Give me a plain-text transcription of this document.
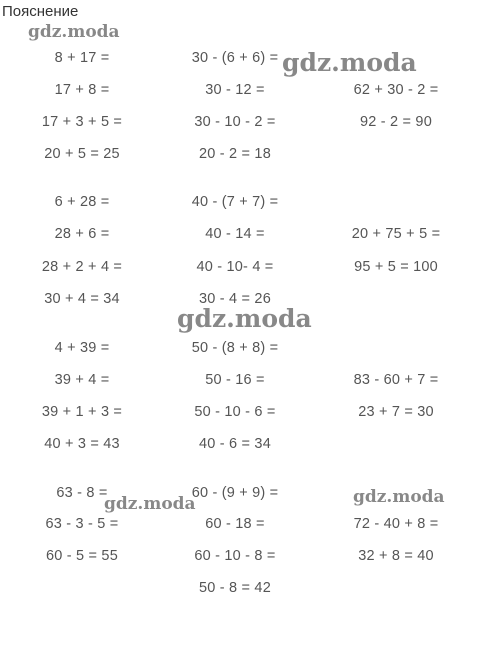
Пояснение
8 + 17 =
17 + 8 =
17 + 3 + 5 =
20 + 5 = 25
6 + 28 =
28 + 6 =
28 + 2 + 4 =
30 + 4 = 34
4 + 39 =
39 + 4 =
39 + 1 + 3 =
40 + 3 = 43
63 - 8 =
63 - 3 - 5 =
60 - 5 = 55
30 - (6 + 6) =
30 - 12 =
30 - 10 - 2 =
20 - 2 = 18
40 - (7 + 7) =
40 - 14 =
40 - 10- 4 =
30 - 4 = 26
50 - (8 + 8) =
50 - 16 =
50 - 10 - 6 =
40 - 6 = 34
60 - (9 + 9) =
60 - 18 =
60 - 10 - 8 =
50 - 8 = 42
62 + 30 - 2 =
92 - 2 = 90
20 + 75 + 5 =
95 + 5 = 100
83 - 60 + 7 =
23 + 7 = 30
72 - 40 + 8 =
32 + 8 = 40
gdz.moda
gdz.moda
gdz.moda
gdz.moda	gdz.moda
